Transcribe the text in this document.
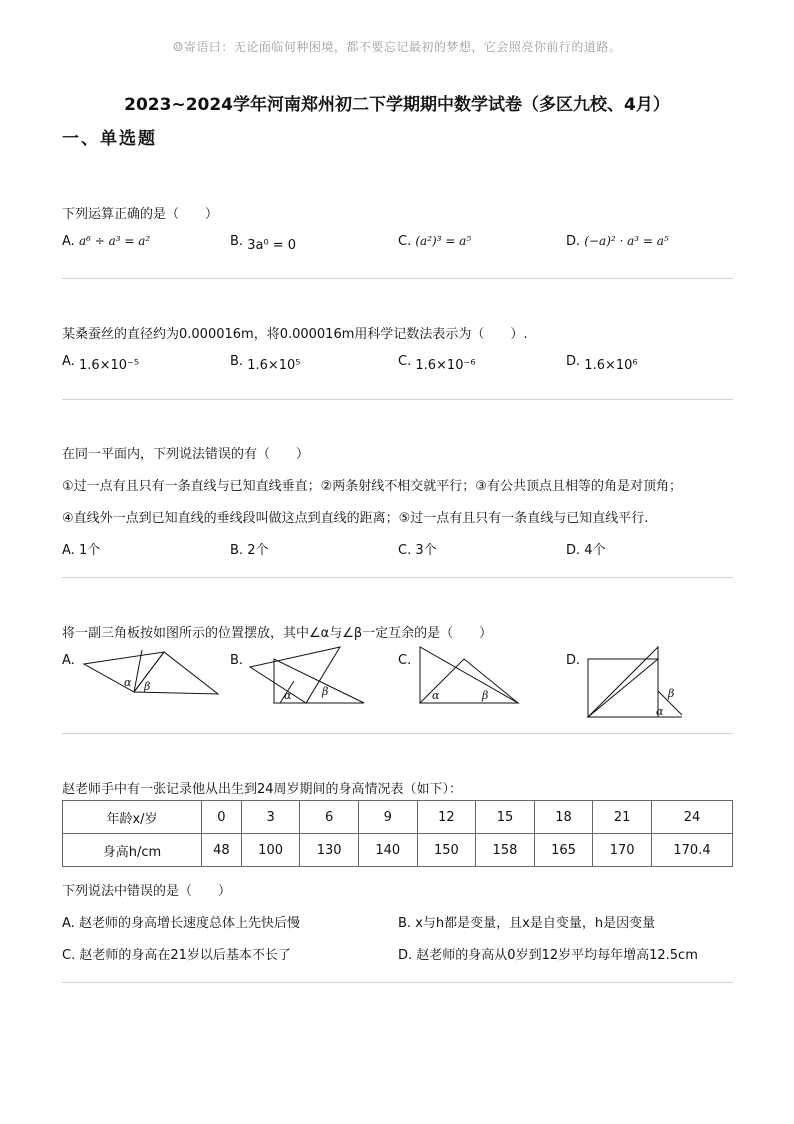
☺寄语曰：无论面临何种困境，都不要忘记最初的梦想，它会照亮你前行的道路。
2023~2024学年河南郑州初二下学期期中数学试卷（多区九校、4月）
一、单选题
下列运算正确的是（　　）
A. a⁶ ÷ a³ = a²	B. 3a⁰ = 0	C. (a²)³ = a⁵	D. (−a)² · a³ = a⁵
某桑蚕丝的直径约为0.000016m，将0.000016m用科学记数法表示为（　　）.
A. 1.6×10⁻⁵	B. 1.6×10⁵	C. 1.6×10⁻⁶	D. 1.6×10⁶
在同一平面内，下列说法错误的有（　　）
①过一点有且只有一条直线与已知直线垂直；②两条射线不相交就平行；③有公共顶点且相等的角是对顶角；
④直线外一点到已知直线的垂线段叫做这点到直线的距离；⑤过一点有且只有一条直线与已知直线平行.
A. 1个	B. 2个	C. 3个	D. 4个
将一副三角板按如图所示的位置摆放，其中∠α与∠β一定互余的是（　　）
A.
α β
B.
α	β
C.
α	β
D.
β
α
赵老师手中有一张记录他从出生到24周岁期间的身高情况表（如下）：
年龄x/岁	0	3	6	9	12	15	18	21	24
身高h/cm	48	100	130	140	150	158	165	170	170.4
下列说法中错误的是（　　）
A. 赵老师的身高增长速度总体上先快后慢	B. x与h都是变量，且x是自变量，h是因变量
C. 赵老师的身高在21岁以后基本不长了	D. 赵老师的身高从0岁到12岁平均每年增高12.5cm
